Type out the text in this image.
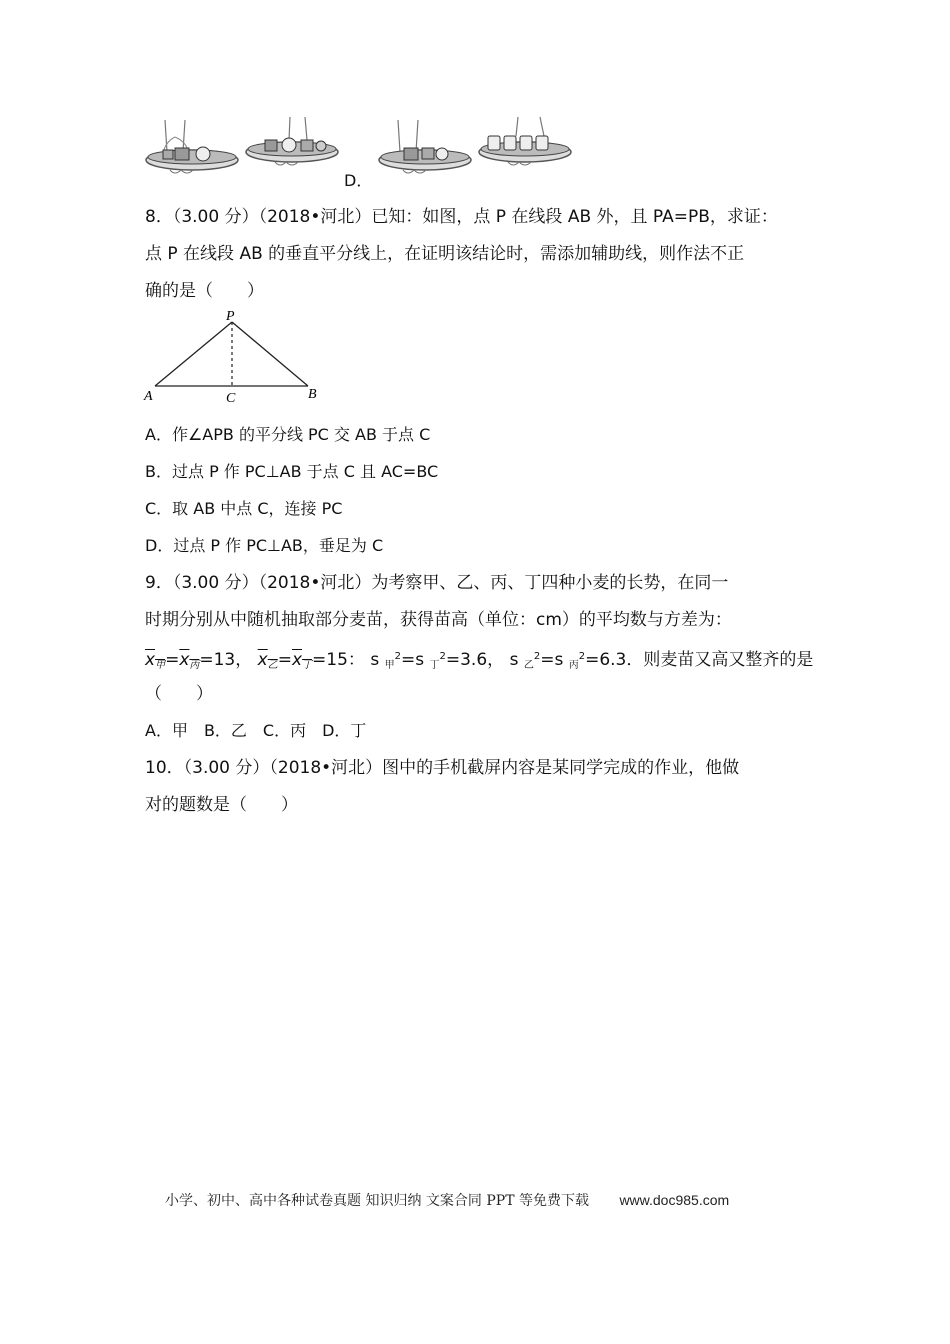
D．
8．（3.00 分）（2018•河北）已知：如图，点 P 在线段 AB 外，且 PA=PB，求证：
点 P 在线段 AB 的垂直平分线上，在证明该结论时，需添加辅助线，则作法不正
确的是（　　）
P
A	C	B
A．作∠APB 的平分线 PC 交 AB 于点 C
B．过点 P 作 PC⊥AB 于点 C 且 AC=BC
C．取 AB 中点 C，连接 PC
D．过点 P 作 PC⊥AB，垂足为 C
9．（3.00 分）（2018•河北）为考察甲、乙、丙、丁四种小麦的长势，在同一
时期分别从中随机抽取部分麦苗，获得苗高（单位：cm）的平均数与方差为：
$x_甲=x_丙=13$， $x_乙=x_丁=15$： s $_甲^2$=s $_丁^2$=3.6， s $_乙^2$=s $_丙^2$=6.3．则麦苗又高又整齐的是
（　　）
A．甲　B．乙　C．丙　D．丁
10．（3.00 分）（2018•河北）图中的手机截屏内容是某同学完成的作业，他做
对的题数是（　　）
小学、初中、高中各种试卷真题 知识归纳 文案合同 PPT 等免费下载 www.doc985.com
